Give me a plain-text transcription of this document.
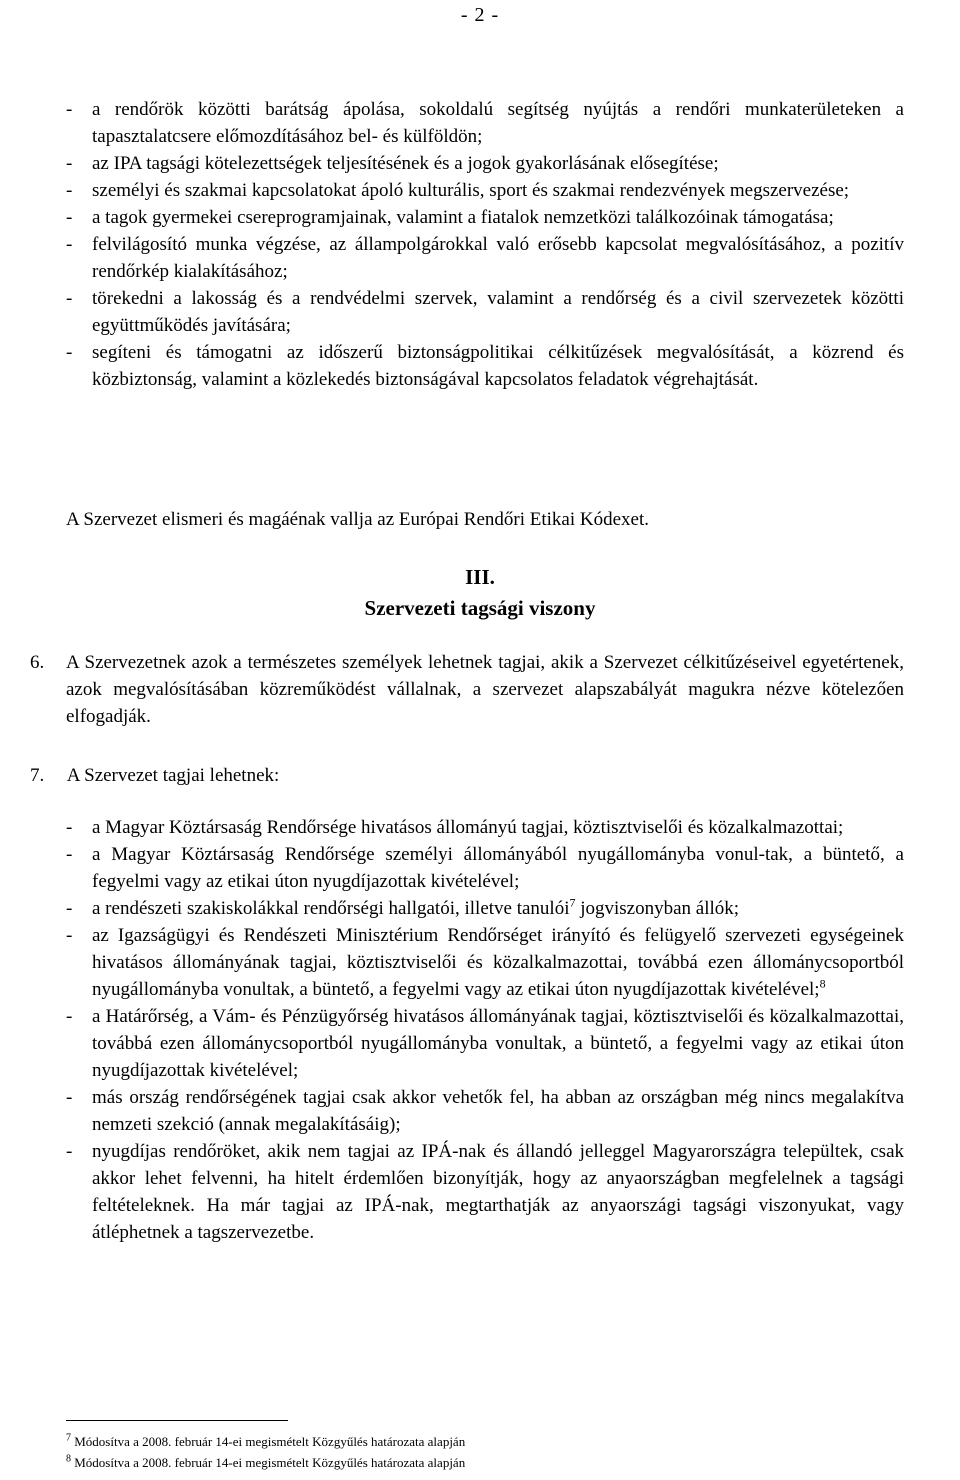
- 2 -
- a rendőrök közötti barátság ápolása, sokoldalú segítség nyújtás a rendőri munkaterületeken a tapasztalatcsere előmozdításához bel- és külföldön;
- az IPA tagsági kötelezettségek teljesítésének és a jogok gyakorlásának elősegítése;
- személyi és szakmai kapcsolatokat ápoló kulturális, sport és szakmai rendezvények megszervezése;
- a tagok gyermekei csereprogramjainak, valamint a fiatalok nemzetközi találkozóinak támogatása;
- felvilágosító munka végzése, az állampolgárokkal való erősebb kapcsolat megvalósításához, a pozitív rendőrkép kialakításához;
- törekedni a lakosság és a rendvédelmi szervek, valamint a rendőrség és a civil szervezetek közötti együttműködés javítására;
- segíteni és támogatni az időszerű biztonságpolitikai célkitűzések megvalósítását, a közrend és közbiztonság, valamint a közlekedés biztonságával kapcsolatos feladatok végrehajtását.
A Szervezet elismeri és magáénak vallja az Európai Rendőri Etikai Kódexet.
III.
Szervezeti tagsági viszony
6. A Szervezetnek azok a természetes személyek lehetnek tagjai, akik a Szervezet célkitűzéseivel egyetértenek, azok megvalósításában közreműködést vállalnak, a szervezet alapszabályát magukra nézve kötelezően elfogadják.
7. A Szervezet tagjai lehetnek:
- a Magyar Köztársaság Rendőrsége hivatásos állományú tagjai, köztisztviselői és közalkalmazottai;
- a Magyar Köztársaság Rendőrsége személyi állományából nyugállományba vonul-tak, a büntető, a fegyelmi vagy az etikai úton nyugdíjazottak kivételével;
- a rendészeti szakiskolákkal rendőrségi hallgatói, illetve tanulói$^7$ jogviszonyban állók;
- az Igazságügyi és Rendészeti Minisztérium Rendőrséget irányító és felügyelő szervezeti egységeinek hivatásos állományának tagjai, köztisztviselői és közalkalmazottai, továbbá ezen állománycsoportból nyugállományba vonultak, a büntető, a fegyelmi vagy az etikai úton nyugdíjazottak kivételével;$^8$
- a Határőrség, a Vám- és Pénzügyőrség hivatásos állományának tagjai, köztisztviselői és közalkalmazottai, továbbá ezen állománycsoportból nyugállományba vonultak, a büntető, a fegyelmi vagy az etikai úton nyugdíjazottak kivételével;
- más ország rendőrségének tagjai csak akkor vehetők fel, ha abban az országban még nincs megalakítva nemzeti szekció (annak megalakításáig);
- nyugdíjas rendőröket, akik nem tagjai az IPÁ-nak és állandó jelleggel Magyarországra települtek, csak akkor lehet felvenni, ha hitelt érdemlően bizonyítják, hogy az anyaországban megfelelnek a tagsági feltételeknek. Ha már tagjai az IPÁ-nak, megtarthatják az anyaországi tagsági viszonyukat, vagy átléphetnek a tagszervezetbe.
$^7$ Módosítva a 2008. február 14-ei megismételt Közgyűlés határozata alapján
$^8$ Módosítva a 2008. február 14-ei megismételt Közgyűlés határozata alapján
